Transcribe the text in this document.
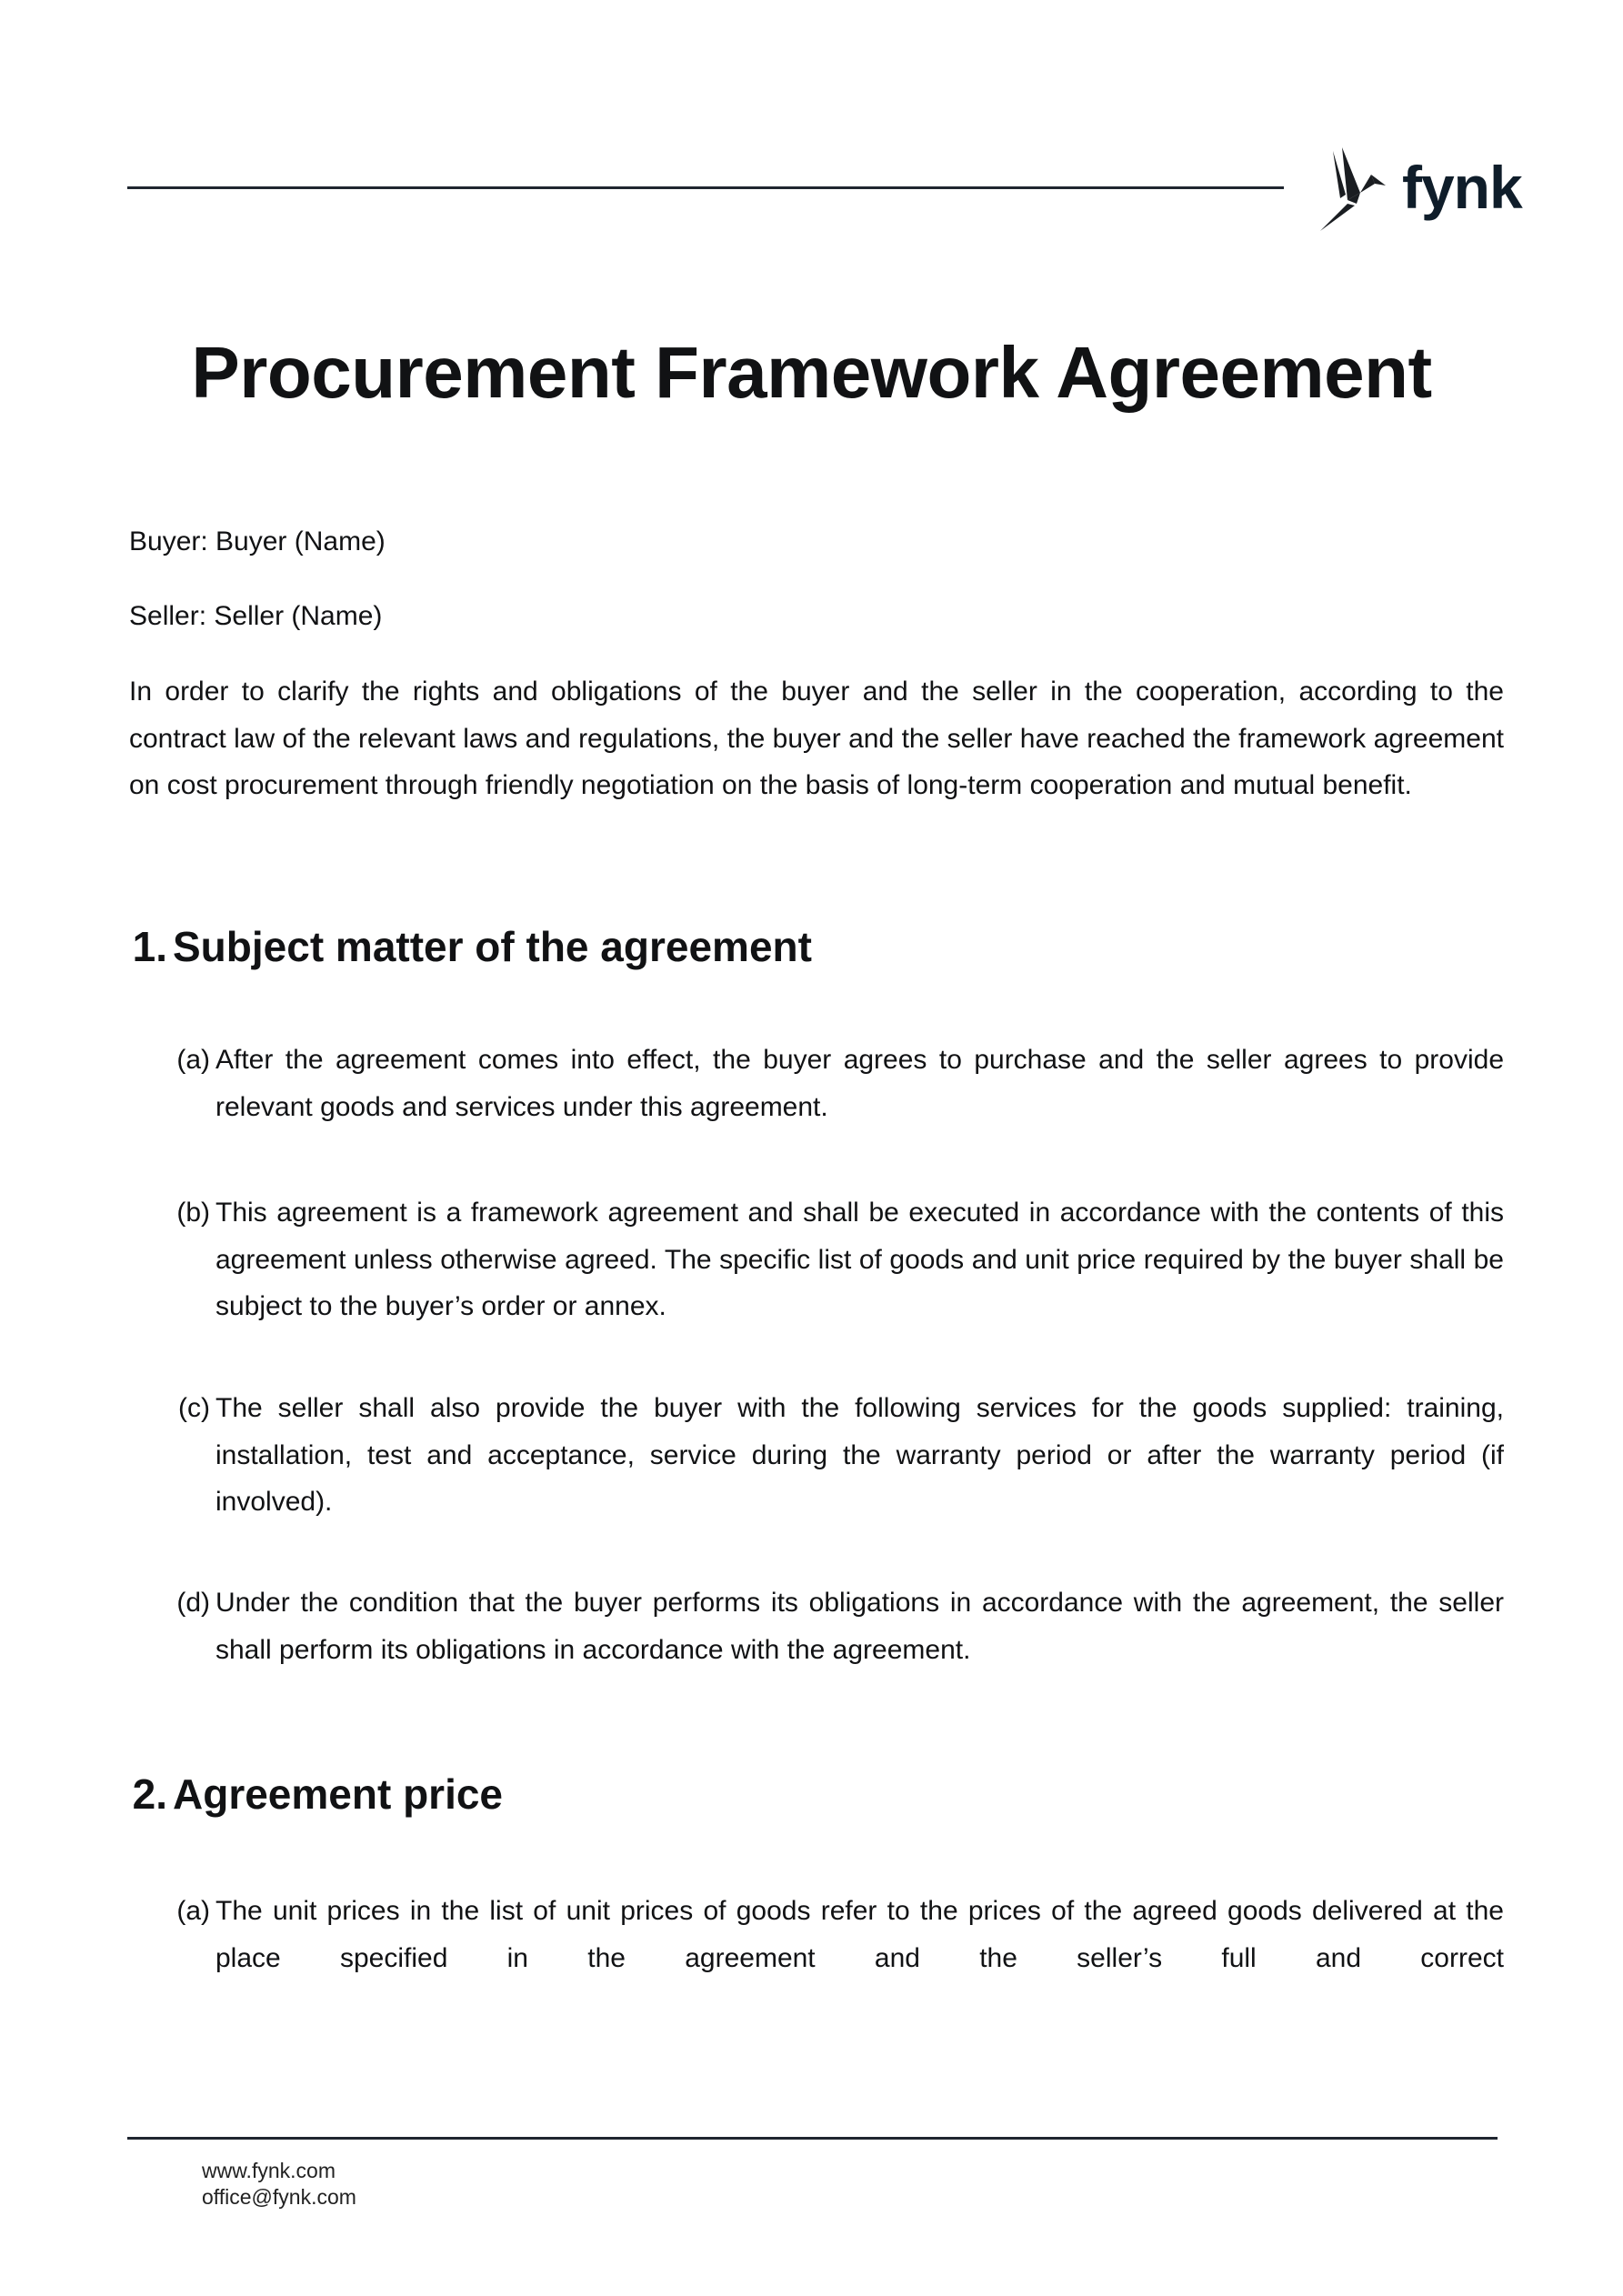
fynk
Procurement Framework Agreement
Buyer: Buyer (Name)
Seller: Seller (Name)
In order to clarify the rights and obligations of the buyer and the seller in the cooperation, according to the contract law of the relevant laws and regulations, the buyer and the seller have reached the framework agreement on cost procurement through friendly negotiation on the basis of long-term cooperation and mutual benefit.
1. Subject matter of the agreement
(a) After the agreement comes into effect, the buyer agrees to purchase and the seller agrees to provide relevant goods and services under this agreement.
(b) This agreement is a framework agreement and shall be executed in accordance with the contents of this agreement unless otherwise agreed. The specific list of goods and unit price required by the buyer shall be subject to the buyer’s order or annex.
(c) The seller shall also provide the buyer with the following services for the goods supplied: training, installation, test and acceptance, service during the warranty period or after the warranty period (if involved).
(d) Under the condition that the buyer performs its obligations in accordance with the agreement, the seller shall perform its obligations in accordance with the agreement.
2. Agreement price
(a) The unit prices in the list of unit prices of goods refer to the prices of the agreed goods delivered at the place specified in the agreement and the seller’s full and correct
www.fynk.com
office@fynk.com
